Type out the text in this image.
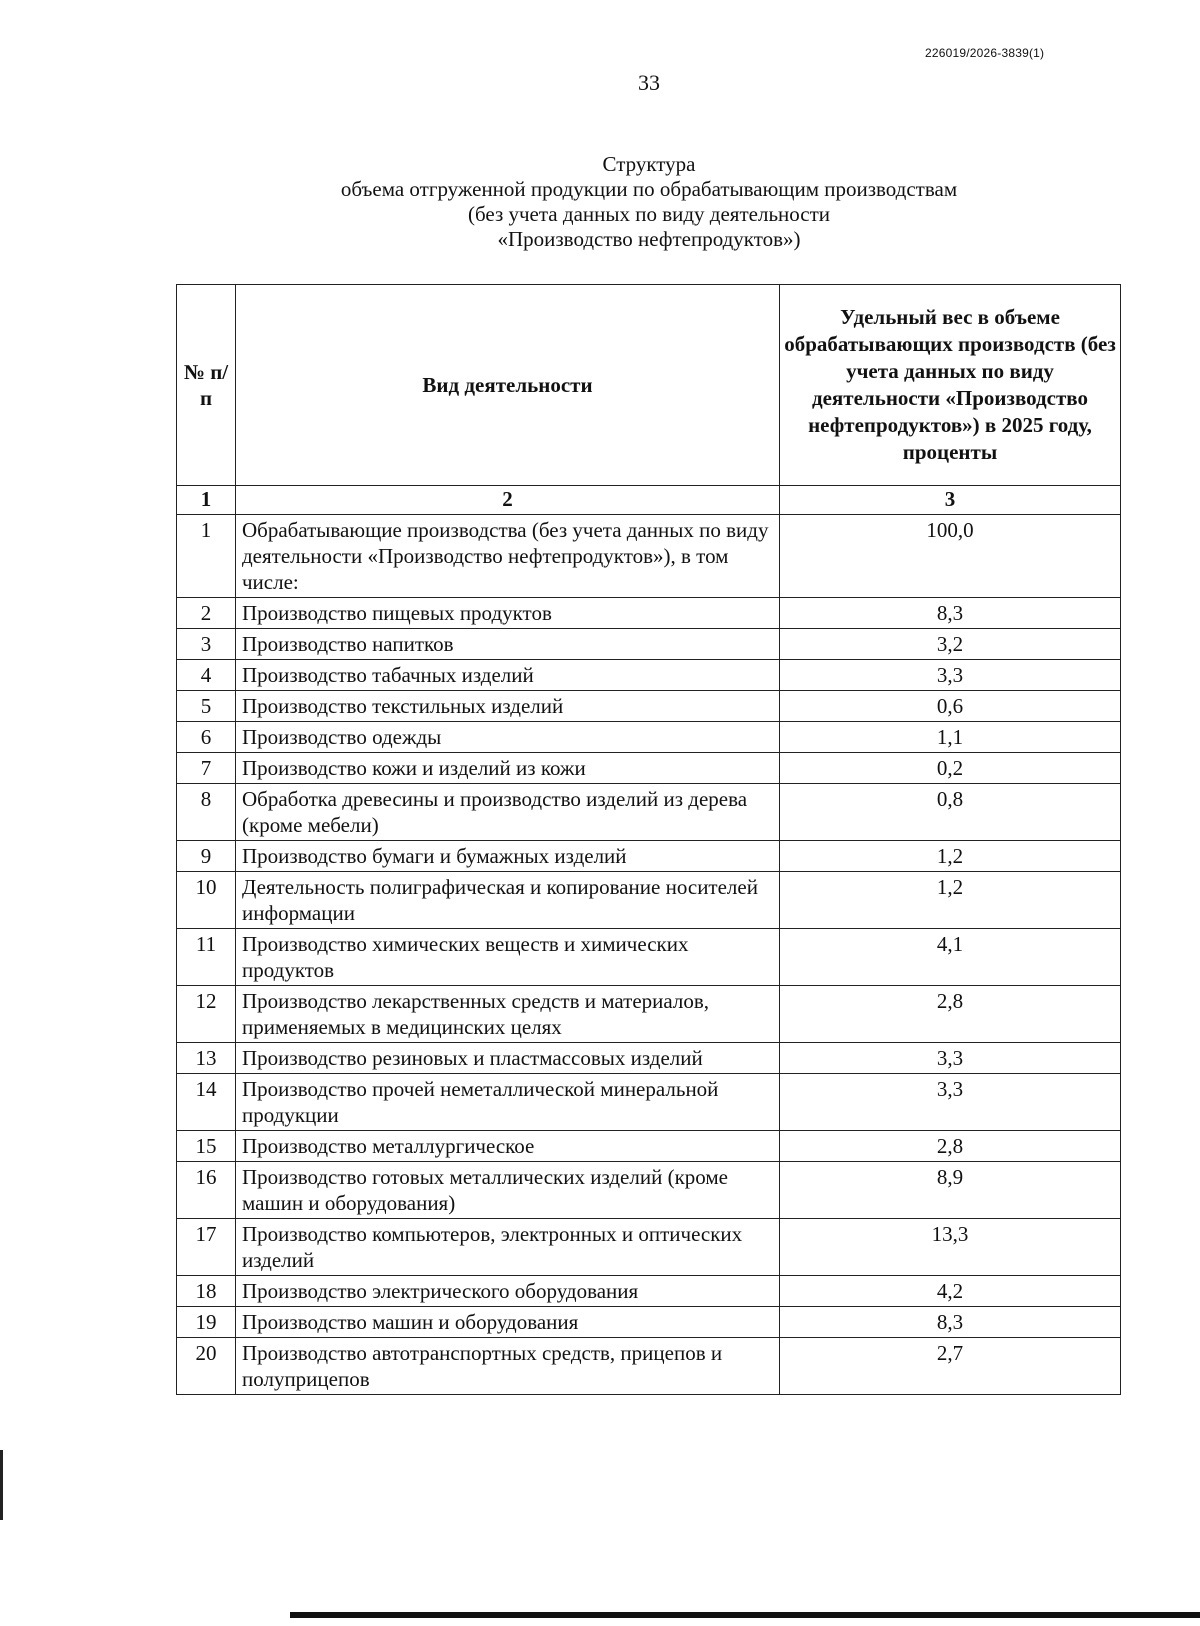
226019/2026-3839(1)
33
Структура
объема отгруженной продукции по обрабатывающим производствам
(без учета данных по виду деятельности
«Производство нефтепродуктов»)
№ п/п	Вид деятельности	Удельный вес в объеме обрабатывающих производств (без учета данных по виду деятельности «Производство нефтепродуктов») в 2025 году, проценты
1	2	3
1	Обрабатывающие производства (без учета данных по виду деятельности «Производство нефтепродуктов»), в том числе:	100,0
2	Производство пищевых продуктов	8,3
3	Производство напитков	3,2
4	Производство табачных изделий	3,3
5	Производство текстильных изделий	0,6
6	Производство одежды	1,1
7	Производство кожи и изделий из кожи	0,2
8	Обработка древесины и производство изделий из дерева (кроме мебели)	0,8
9	Производство бумаги и бумажных изделий	1,2
10	Деятельность полиграфическая и копирование носителей информации	1,2
11	Производство химических веществ и химических продуктов	4,1
12	Производство лекарственных средств и материалов, применяемых в медицинских целях	2,8
13	Производство резиновых и пластмассовых изделий	3,3
14	Производство прочей неметаллической минеральной продукции	3,3
15	Производство металлургическое	2,8
16	Производство готовых металлических изделий (кроме машин и оборудования)	8,9
17	Производство компьютеров, электронных и оптических изделий	13,3
18	Производство электрического оборудования	4,2
19	Производство машин и оборудования	8,3
20	Производство автотранспортных средств, прицепов и полуприцепов	2,7
